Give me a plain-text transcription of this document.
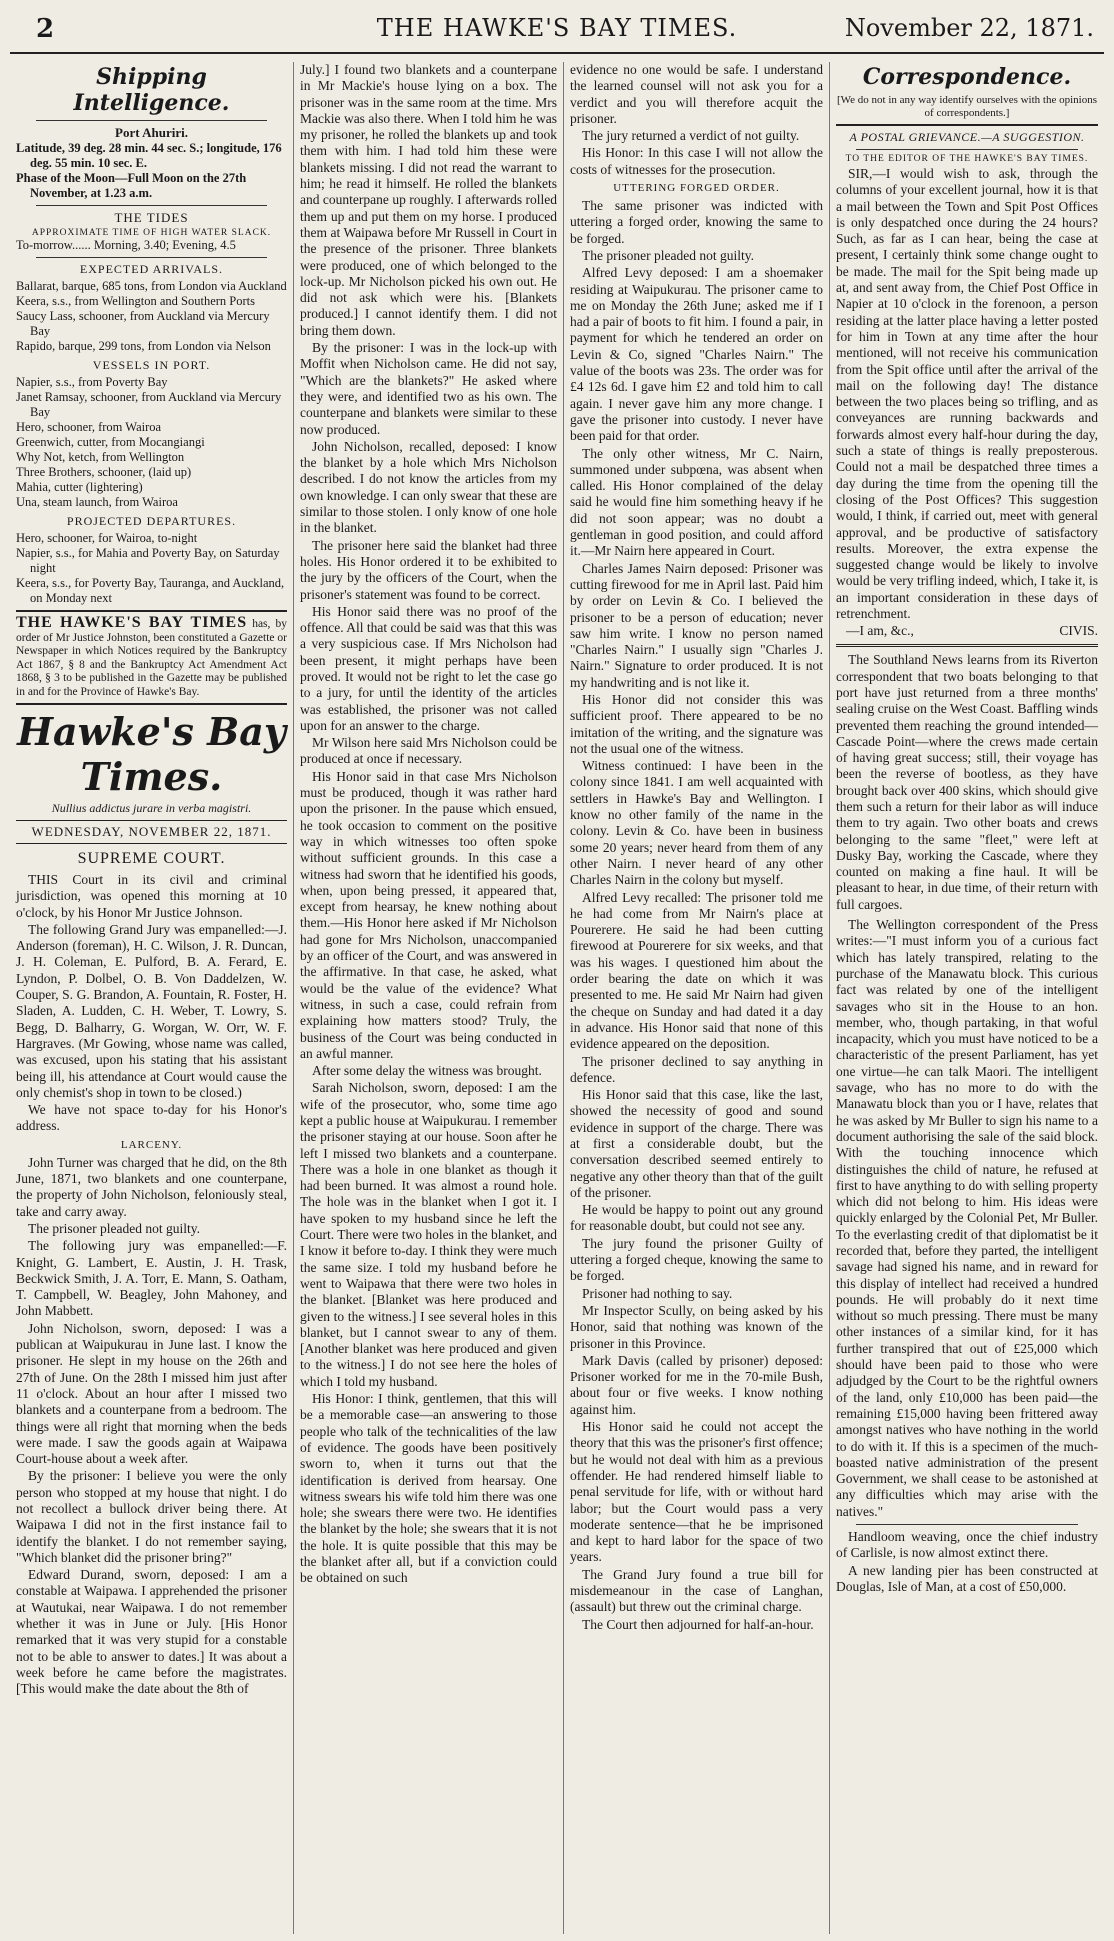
2	THE HAWKE'S BAY TIMES.	November 22, 1871.
Shipping Intelligence.
Port Ahuriri.
Latitude, 39 deg. 28 min. 44 sec. S.; longitude, 176 deg. 55 min. 10 sec. E.
Phase of the Moon—Full Moon on the 27th November, at 1.23 a.m.
THE TIDES
APPROXIMATE TIME OF HIGH WATER SLACK.
To-morrow...... Morning, 3.40; Evening, 4.5
EXPECTED ARRIVALS.
Ballarat, barque, 685 tons, from London via Auckland
Keera, s.s., from Wellington and Southern Ports
Saucy Lass, schooner, from Auckland via Mercury Bay
Rapido, barque, 299 tons, from London via Nelson
VESSELS IN PORT.
Napier, s.s., from Poverty Bay
Janet Ramsay, schooner, from Auckland via Mercury Bay
Hero, schooner, from Wairoa
Greenwich, cutter, from Mocangiangi
Why Not, ketch, from Wellington
Three Brothers, schooner, (laid up)
Mahia, cutter (lightering)
Una, steam launch, from Wairoa
PROJECTED DEPARTURES.
Hero, schooner, for Wairoa, to-night
Napier, s.s., for Mahia and Poverty Bay, on Saturday night
Keera, s.s., for Poverty Bay, Tauranga, and Auckland, on Monday next
THE HAWKE'S BAY TIMES has, by order of Mr Justice Johnston, been constituted a Gazette or Newspaper in which Notices required by the Bankruptcy Act 1867, § 8 and the Bankruptcy Act Amendment Act 1868, § 3 to be published in the Gazette may be published in and for the Province of Hawke's Bay.
Hawke's Bay Times.
Nullius addictus jurare in verba magistri.
WEDNESDAY, NOVEMBER 22, 1871.
SUPREME COURT.
THIS Court in its civil and criminal jurisdiction, was opened this morning at 10 o'clock, by his Honor Mr Justice Johnson.
The following Grand Jury was empanelled:—J. Anderson (foreman), H. C. Wilson, J. R. Duncan, J. H. Coleman, E. Pulford, B. A. Ferard, E. Lyndon, P. Dolbel, O. B. Von Daddelzen, W. Couper, S. G. Brandon, A. Fountain, R. Foster, H. Sladen, A. Ludden, C. H. Weber, T. Lowry, S. Begg, D. Balharry, G. Worgan, W. Orr, W. F. Hargraves. (Mr Gowing, whose name was called, was excused, upon his stating that his assistant being ill, his attendance at Court would cause the only chemist's shop in town to be closed.)
We have not space to-day for his Honor's address.
LARCENY.
John Turner was charged that he did, on the 8th June, 1871, two blankets and one counterpane, the property of John Nicholson, feloniously steal, take and carry away.
The prisoner pleaded not guilty.
The following jury was empanelled:—F. Knight, G. Lambert, E. Austin, J. H. Trask, Beckwick Smith, J. A. Torr, E. Mann, S. Oatham, T. Campbell, W. Beagley, John Mahoney, and John Mabbett.
John Nicholson, sworn, deposed: I was a publican at Waipukurau in June last. I know the prisoner. He slept in my house on the 26th and 27th of June. On the 28th I missed him just after 11 o'clock. About an hour after I missed two blankets and a counterpane from a bedroom. The things were all right that morning when the beds were made. I saw the goods again at Waipawa Court-house about a week after.
By the prisoner: I believe you were the only person who stopped at my house that night. I do not recollect a bullock driver being there. At Waipawa I did not in the first instance fail to identify the blanket. I do not remember saying, "Which blanket did the prisoner bring?"
Edward Durand, sworn, deposed: I am a constable at Waipawa. I apprehended the prisoner at Wautukai, near Waipawa. I do not remember whether it was in June or July. [His Honor remarked that it was very stupid for a constable not to be able to answer to dates.] It was about a week before he came before the magistrates. [This would make the date about the 8th of
July.] I found two blankets and a counterpane in Mr Mackie's house lying on a box. The prisoner was in the same room at the time. Mrs Mackie was also there. When I told him he was my prisoner, he rolled the blankets up and took them with him. I had told him these were blankets missing. I did not read the warrant to him; he read it himself. He rolled the blankets and counterpane up roughly. I afterwards rolled them up and put them on my horse. I produced them at Waipawa before Mr Russell in Court in the presence of the prisoner. Three blankets were produced, one of which belonged to the lock-up. Mr Nicholson picked his own out. He did not ask which were his. [Blankets produced.] I cannot identify them. I did not bring them down.
By the prisoner: I was in the lock-up with Moffit when Nicholson came. He did not say, "Which are the blankets?" He asked where they were, and identified two as his own. The counterpane and blankets were similar to these now produced.
John Nicholson, recalled, deposed: I know the blanket by a hole which Mrs Nicholson described. I do not know the articles from my own knowledge. I can only swear that these are similar to those stolen. I only know of one hole in the blanket.
The prisoner here said the blanket had three holes. His Honor ordered it to be exhibited to the jury by the officers of the Court, when the prisoner's statement was found to be correct.
His Honor said there was no proof of the offence. All that could be said was that this was a very suspicious case. If Mrs Nicholson had been present, it might perhaps have been proved. It would not be right to let the case go to a jury, for until the identity of the articles was established, the prisoner was not called upon for an answer to the charge.
Mr Wilson here said Mrs Nicholson could be produced at once if necessary.
His Honor said in that case Mrs Nicholson must be produced, though it was rather hard upon the prisoner. In the pause which ensued, he took occasion to comment on the positive way in which witnesses too often spoke without sufficient grounds. In this case a witness had sworn that he identified his goods, when, upon being pressed, it appeared that, except from hearsay, he knew nothing about them.—His Honor here asked if Mr Nicholson had gone for Mrs Nicholson, unaccompanied by an officer of the Court, and was answered in the affirmative. In that case, he asked, what would be the value of the evidence? What witness, in such a case, could refrain from explaining how matters stood? Truly, the business of the Court was being conducted in an awful manner.
After some delay the witness was brought.
Sarah Nicholson, sworn, deposed: I am the wife of the prosecutor, who, some time ago kept a public house at Waipukurau. I remember the prisoner staying at our house. Soon after he left I missed two blankets and a counterpane. There was a hole in one blanket as though it had been burned. It was almost a round hole. The hole was in the blanket when I got it. I have spoken to my husband since he left the Court. There were two holes in the blanket, and I know it before to-day. I think they were much the same size. I told my husband before he went to Waipawa that there were two holes in the blanket. [Blanket was here produced and given to the witness.] I see several holes in this blanket, but I cannot swear to any of them. [Another blanket was here produced and given to the witness.] I do not see here the holes of which I told my husband.
His Honor: I think, gentlemen, that this will be a memorable case—an answering to those people who talk of the technicalities of the law of evidence. The goods have been positively sworn to, when it turns out that the identification is derived from hearsay. One witness swears his wife told him there was one hole; she swears there were two. He identifies the blanket by the hole; she swears that it is not the hole. It is quite possible that this may be the blanket after all, but if a conviction could be obtained on such
evidence no one would be safe. I understand the learned counsel will not ask you for a verdict and you will therefore acquit the prisoner.
The jury returned a verdict of not guilty.
His Honor: In this case I will not allow the costs of witnesses for the prosecution.
UTTERING FORGED ORDER.
The same prisoner was indicted with uttering a forged order, knowing the same to be forged.
The prisoner pleaded not guilty.
Alfred Levy deposed: I am a shoemaker residing at Waipukurau. The prisoner came to me on Monday the 26th June; asked me if I had a pair of boots to fit him. I found a pair, in payment for which he tendered an order on Levin & Co, signed "Charles Nairn." The value of the boots was 23s. The order was for £4 12s 6d. I gave him £2 and told him to call again. I never gave him any more change. I gave the prisoner into custody. I never have been paid for that order.
The only other witness, Mr C. Nairn, summoned under subpœna, was absent when called. His Honor complained of the delay said he would fine him something heavy if he did not soon appear; was no doubt a gentleman in good position, and could afford it.—Mr Nairn here appeared in Court.
Charles James Nairn deposed: Prisoner was cutting firewood for me in April last. Paid him by order on Levin & Co. I believed the prisoner to be a person of education; never saw him write. I know no person named "Charles Nairn." I usually sign "Charles J. Nairn." Signature to order produced. It is not my handwriting and is not like it.
His Honor did not consider this was sufficient proof. There appeared to be no imitation of the writing, and the signature was not the usual one of the witness.
Witness continued: I have been in the colony since 1841. I am well acquainted with settlers in Hawke's Bay and Wellington. I know no other family of the name in the colony. Levin & Co. have been in business some 20 years; never heard from them of any other Nairn. I never heard of any other Charles Nairn in the colony but myself.
Alfred Levy recalled: The prisoner told me he had come from Mr Nairn's place at Pourerere. He said he had been cutting firewood at Pourerere for six weeks, and that was his wages. I questioned him about the order bearing the date on which it was presented to me. He said Mr Nairn had given the cheque on Sunday and had dated it a day in advance. His Honor said that none of this evidence appeared on the deposition.
The prisoner declined to say anything in defence.
His Honor said that this case, like the last, showed the necessity of good and sound evidence in support of the charge. There was at first a considerable doubt, but the conversation described seemed entirely to negative any other theory than that of the guilt of the prisoner.
He would be happy to point out any ground for reasonable doubt, but could not see any.
The jury found the prisoner Guilty of uttering a forged cheque, knowing the same to be forged.
Prisoner had nothing to say.
Mr Inspector Scully, on being asked by his Honor, said that nothing was known of the prisoner in this Province.
Mark Davis (called by prisoner) deposed: Prisoner worked for me in the 70-mile Bush, about four or five weeks. I know nothing against him.
His Honor said he could not accept the theory that this was the prisoner's first offence; but he would not deal with him as a previous offender. He had rendered himself liable to penal servitude for life, with or without hard labor; but the Court would pass a very moderate sentence—that he be imprisoned and kept to hard labor for the space of two years.
The Grand Jury found a true bill for misdemeanour in the case of Langhan, (assault) but threw out the criminal charge.
The Court then adjourned for half-an-hour.
Correspondence.
[We do not in any way identify ourselves with the opinions of correspondents.]
A POSTAL GRIEVANCE.—A SUGGESTION.
TO THE EDITOR OF THE HAWKE'S BAY TIMES.
SIR,—I would wish to ask, through the columns of your excellent journal, how it is that a mail between the Town and Spit Post Offices is only despatched once during the 24 hours? Such, as far as I can hear, being the case at present, I certainly think some change ought to be made. The mail for the Spit being made up at, and sent away from, the Chief Post Office in Napier at 10 o'clock in the forenoon, a person residing at the latter place having a letter posted for him in Town at any time after the hour mentioned, will not receive his communication from the Spit office until after the arrival of the mail on the following day! The distance between the two places being so trifling, and as conveyances are running backwards and forwards almost every half-hour during the day, such a state of things is really preposterous. Could not a mail be despatched three times a day during the time from the opening till the closing of the Post Offices? This suggestion would, I think, if carried out, meet with general approval, and be productive of satisfactory results. Moreover, the extra expense the suggested change would be likely to involve would be very trifling indeed, which, I take it, is an important consideration in these days of retrenchment.
—I am, &c.,	CIVIS.
The Southland News learns from its Riverton correspondent that two boats belonging to that port have just returned from a three months' sealing cruise on the West Coast. Baffling winds prevented them reaching the ground intended—Cascade Point—where the crews made certain of having great success; still, their voyage has been the reverse of bootless, as they have brought back over 400 skins, which should give them such a return for their labor as will induce them to try again. Two other boats and crews belonging to the same "fleet," were left at Dusky Bay, working the Cascade, where they counted on making a fine haul. It will be pleasant to hear, in due time, of their return with full cargoes.
The Wellington correspondent of the Press writes:—"I must inform you of a curious fact which has lately transpired, relating to the purchase of the Manawatu block. This curious fact was related by one of the intelligent savages who sit in the House to an hon. member, who, though partaking, in that woful incapacity, which you must have noticed to be a characteristic of the present Parliament, has yet one virtue—he can talk Maori. The intelligent savage, who has no more to do with the Manawatu block than you or I have, relates that he was asked by Mr Buller to sign his name to a document authorising the sale of the said block. With the touching innocence which distinguishes the child of nature, he refused at first to have anything to do with selling property which did not belong to him. His ideas were quickly enlarged by the Colonial Pet, Mr Buller. To the everlasting credit of that diplomatist be it recorded that, before they parted, the intelligent savage had signed his name, and in reward for this display of intellect had received a hundred pounds. He will probably do it next time without so much pressing. There must be many other instances of a similar kind, for it has further transpired that out of £25,000 which should have been paid to those who were adjudged by the Court to be the rightful owners of the land, only £10,000 has been paid—the remaining £15,000 having been frittered away amongst natives who have nothing in the world to do with it. If this is a specimen of the much-boasted native administration of the present Government, we shall cease to be astonished at any difficulties which may arise with the natives."
Handloom weaving, once the chief industry of Carlisle, is now almost extinct there.
A new landing pier has been constructed at Douglas, Isle of Man, at a cost of £50,000.
